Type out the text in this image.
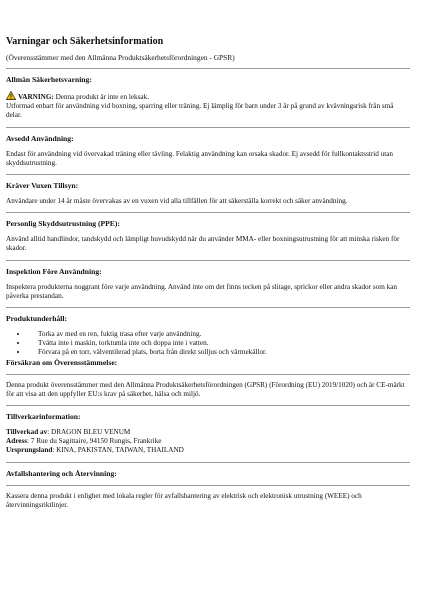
Varningar och Säkerhetsinformation
(Överensstämmer med den Allmänna Produktsäkerhetsförordningen - GPSR)
Allmän Säkerhetsvarning:
VARNING: Denna produkt är inte en leksak.
Utformad enbart för användning vid boxning, sparring eller träning. Ej lämplig för barn under 3 år på grund av kvävningsrisk från små delar.
Avsedd Användning:
Endast för användning vid övervakad träning eller tävling. Felaktig användning kan orsaka skador. Ej avsedd för fullkontaktsstrid utan skyddsutrustning.
Kräver Vuxen Tillsyn:
Användare under 14 år måste övervakas av en vuxen vid alla tillfällen för att säkerställa korrekt och säker användning.
Personlig Skyddsutrustning (PPE):
Använd alltid handlindor, tandskydd och lämpligt huvudskydd när du använder MMA- eller boxningsutrustning för att minska risken för skador.
Inspektion Före Användning:
Inspektera produkterna noggrant före varje användning. Använd inte om det finns tecken på slitage, sprickor eller andra skador som kan påverka prestandan.
Produktunderhåll:
• Torka av med en ren, fuktig trasa efter varje användning.
• Tvätta inte i maskin, torktumla inte och doppa inte i vatten.
• Förvara på en torr, välventilerad plats, borta från direkt solljus och värmekällor.
Försäkran om Överensstämmelse:
Denna produkt överensstämmer med den Allmänna Produktsäkerhetsförordningen (GPSR) (Förordning (EU) 2019/1020) och är CE-märkt för att visa att den uppfyller EU:s krav på säkerhet, hälsa och miljö.
Tillverkarinformation:
Tillverkad av: DRAGON BLEU VENUM
Adress: 7 Rue du Sagittaire, 94150 Rungis, Frankrike
Ursprungsland: KINA, PAKISTAN, TAIWAN, THAILAND
Avfallshantering och Återvinning:
Kassera denna produkt i enlighet med lokala regler för avfallshantering av elektrisk och elektronisk utrustning (WEEE) och återvinningsriktlinjer.
